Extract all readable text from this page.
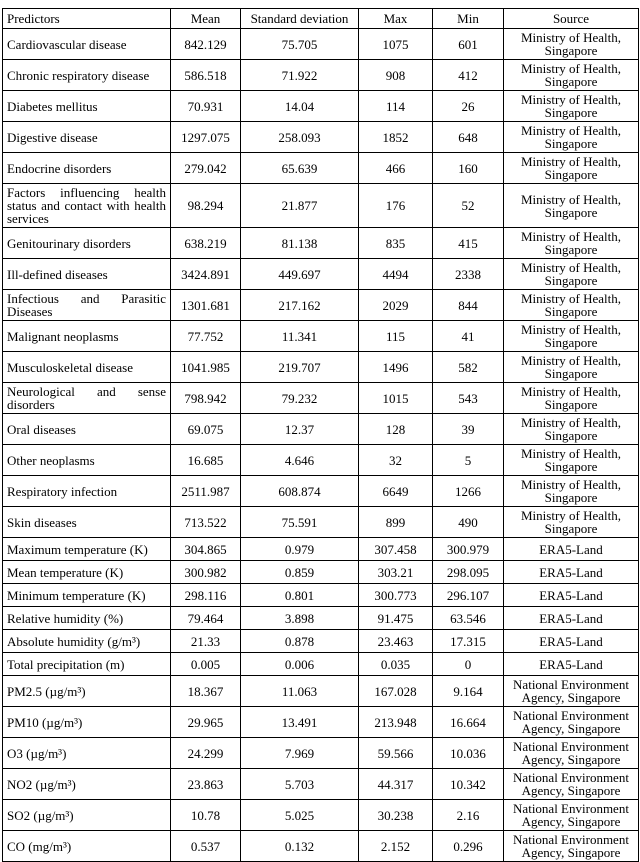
Predictors	Mean	Standard deviation	Max	Min	Source
Cardiovascular disease	842.129	75.705	1075	601	Ministry of Health, Singapore
Chronic respiratory disease	586.518	71.922	908	412	Ministry of Health, Singapore
Diabetes mellitus	70.931	14.04	114	26	Ministry of Health, Singapore
Digestive disease	1297.075	258.093	1852	648	Ministry of Health, Singapore
Endocrine disorders	279.042	65.639	466	160	Ministry of Health, Singapore
Factors influencing health status and contact with health services	98.294	21.877	176	52	Ministry of Health, Singapore
Genitourinary disorders	638.219	81.138	835	415	Ministry of Health, Singapore
Ill-defined diseases	3424.891	449.697	4494	2338	Ministry of Health, Singapore
Infectious and Parasitic Diseases	1301.681	217.162	2029	844	Ministry of Health, Singapore
Malignant neoplasms	77.752	11.341	115	41	Ministry of Health, Singapore
Musculoskeletal disease	1041.985	219.707	1496	582	Ministry of Health, Singapore
Neurological and sense disorders	798.942	79.232	1015	543	Ministry of Health, Singapore
Oral diseases	69.075	12.37	128	39	Ministry of Health, Singapore
Other neoplasms	16.685	4.646	32	5	Ministry of Health, Singapore
Respiratory infection	2511.987	608.874	6649	1266	Ministry of Health, Singapore
Skin diseases	713.522	75.591	899	490	Ministry of Health, Singapore
Maximum temperature (K)	304.865	0.979	307.458	300.979	ERA5-Land
Mean temperature (K)	300.982	0.859	303.21	298.095	ERA5-Land
Minimum temperature (K)	298.116	0.801	300.773	296.107	ERA5-Land
Relative humidity (%)	79.464	3.898	91.475	63.546	ERA5-Land
Absolute humidity (g/m³)	21.33	0.878	23.463	17.315	ERA5-Land
Total precipitation (m)	0.005	0.006	0.035	0	ERA5-Land
PM2.5 (µg/m³)	18.367	11.063	167.028	9.164	National Environment Agency, Singapore
PM10 (µg/m³)	29.965	13.491	213.948	16.664	National Environment Agency, Singapore
O3 (µg/m³)	24.299	7.969	59.566	10.036	National Environment Agency, Singapore
NO2 (µg/m³)	23.863	5.703	44.317	10.342	National Environment Agency, Singapore
SO2 (µg/m³)	10.78	5.025	30.238	2.16	National Environment Agency, Singapore
CO (mg/m³)	0.537	0.132	2.152	0.296	National Environment Agency, Singapore
